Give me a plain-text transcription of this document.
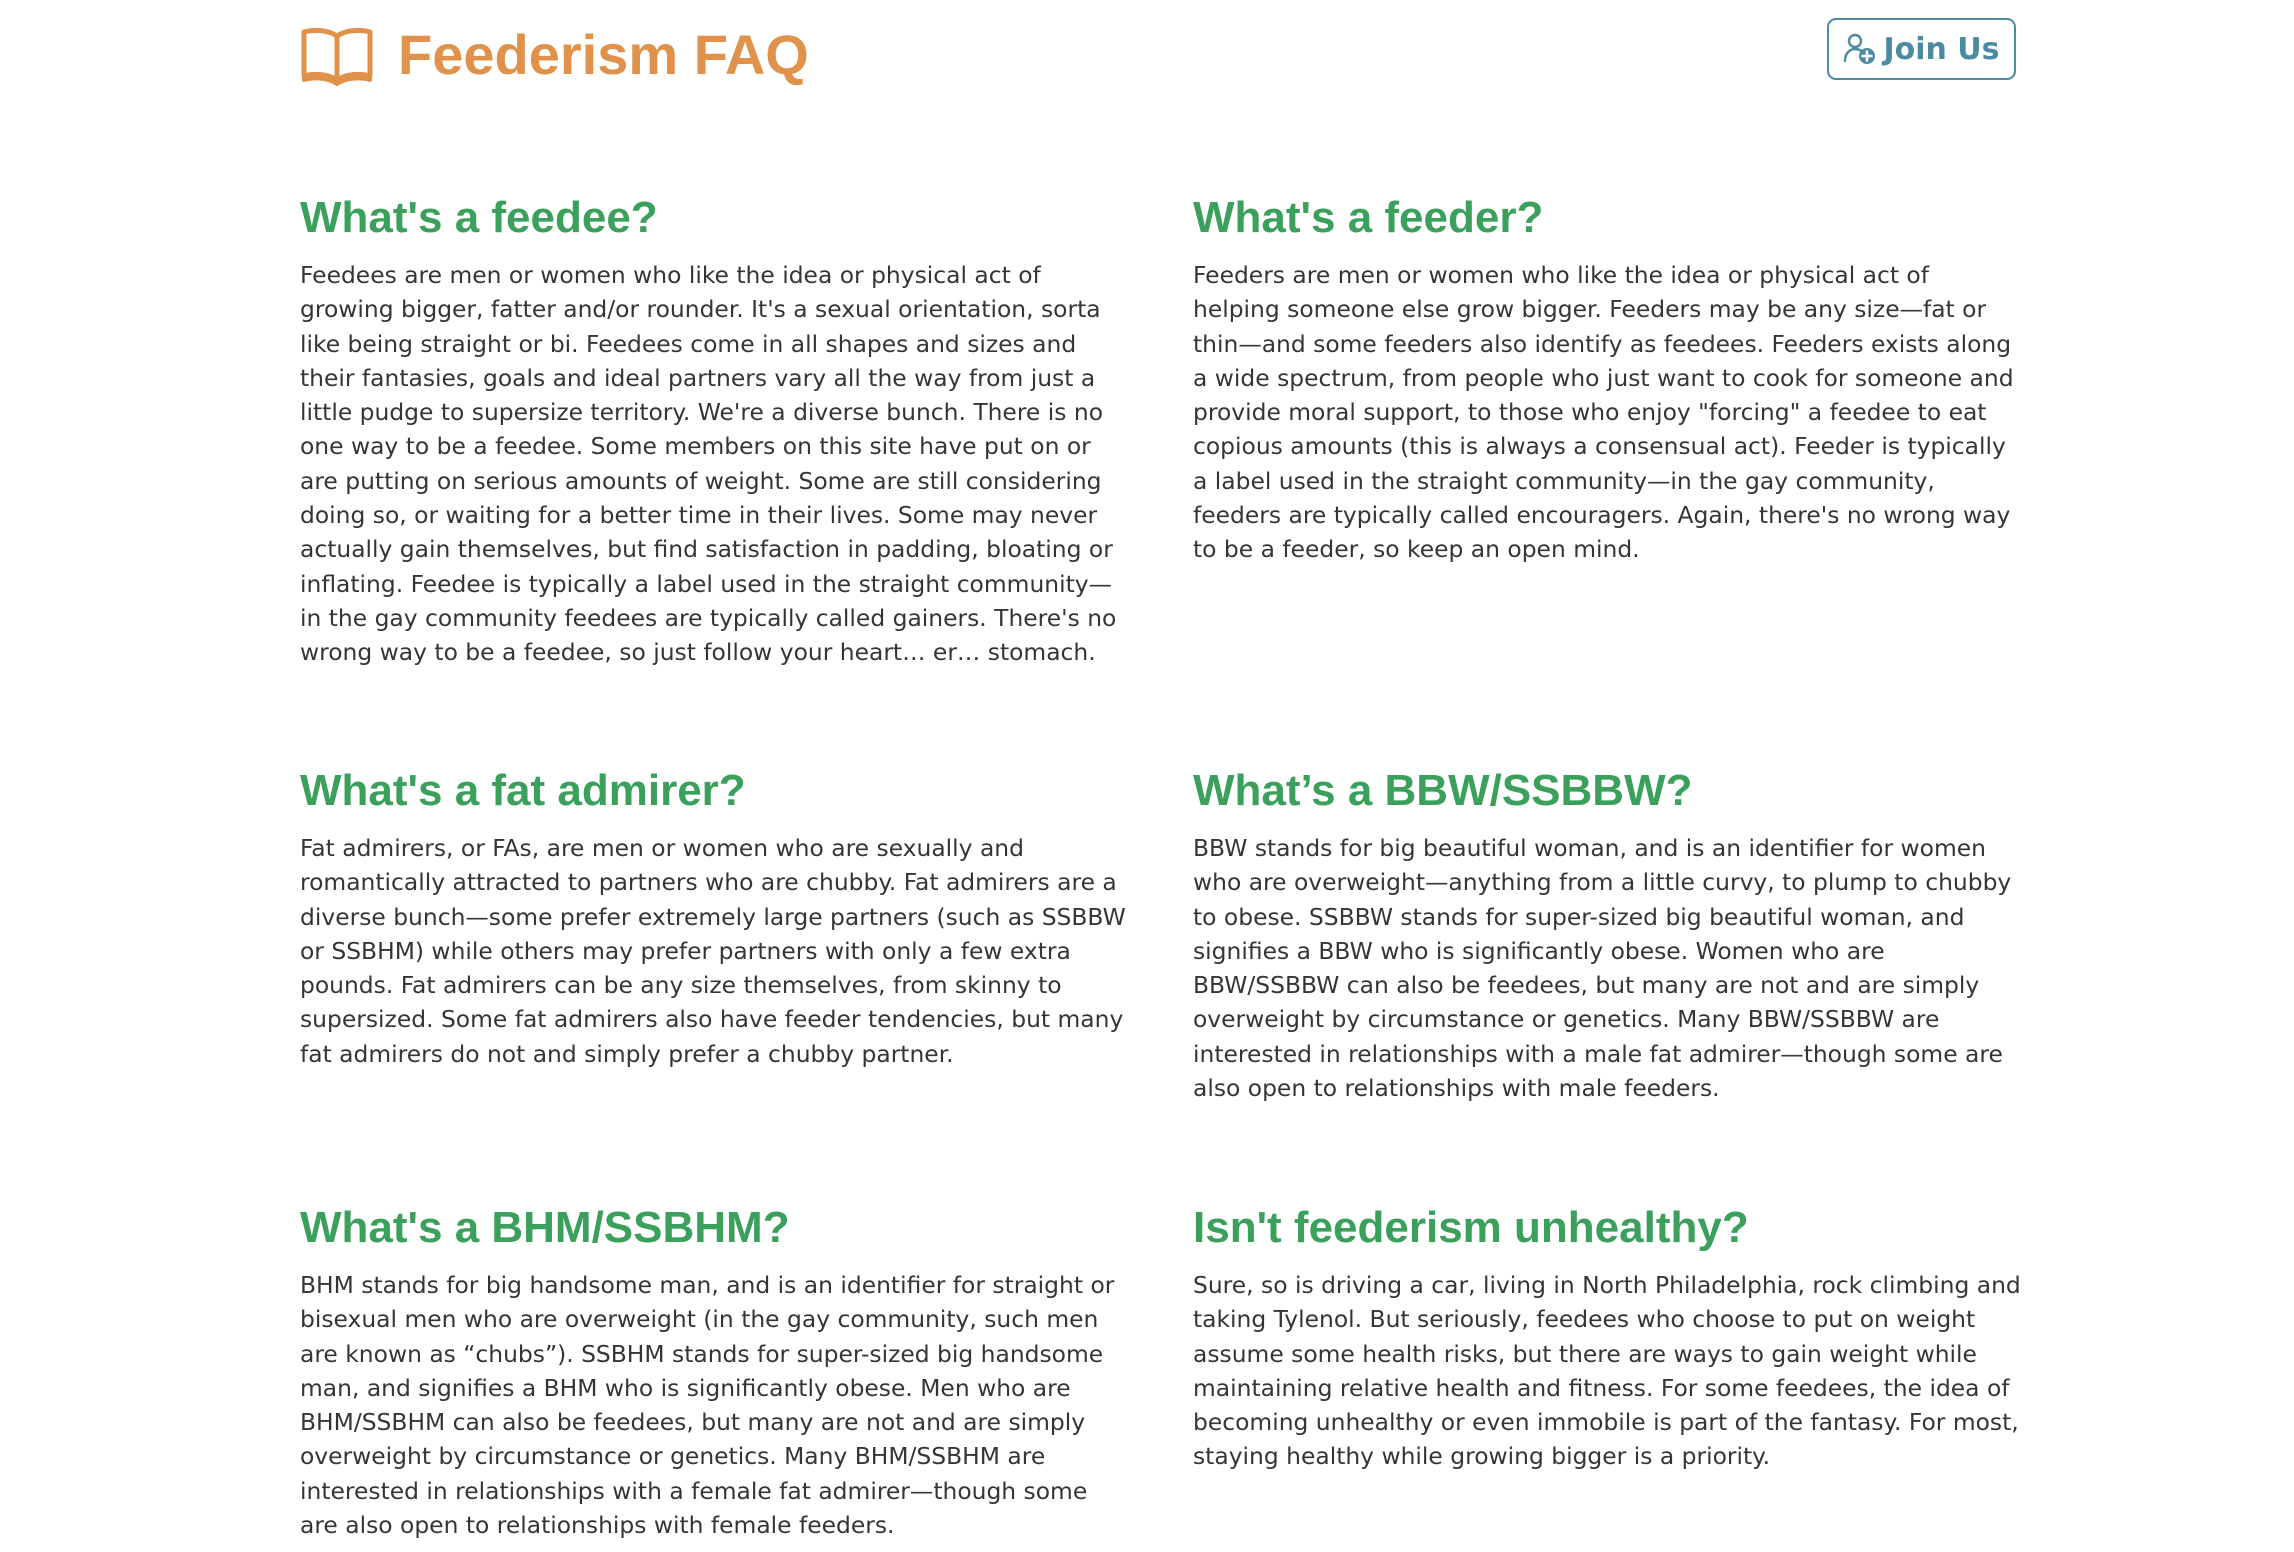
Feederism FAQ	Join Us
What's a feedee?

Feedees are men or women who like the idea or physical act of growing bigger, fatter and/or rounder. It's a sexual orientation, sorta like being straight or bi. Feedees come in all shapes and sizes and their fantasies, goals and ideal partners vary all the way from just a little pudge to supersize territory. We're a diverse bunch. There is no one way to be a feedee. Some members on this site have put on or are putting on serious amounts of weight. Some are still considering doing so, or waiting for a better time in their lives. Some may never actually gain themselves, but find satisfaction in padding, bloating or inflating. Feedee is typically a label used in the straight community—in the gay community feedees are typically called gainers. There's no wrong way to be a feedee, so just follow your heart… er… stomach.

What's a feeder?

Feeders are men or women who like the idea or physical act of helping someone else grow bigger. Feeders may be any size—fat or thin—and some feeders also identify as feedees. Feeders exists along a wide spectrum, from people who just want to cook for someone and provide moral support, to those who enjoy "forcing" a feedee to eat copious amounts (this is always a consensual act). Feeder is typically a label used in the straight community—in the gay community, feeders are typically called encouragers. Again, there's no wrong way to be a feeder, so keep an open mind.

What's a fat admirer?

Fat admirers, or FAs, are men or women who are sexually and romantically attracted to partners who are chubby. Fat admirers are a diverse bunch—some prefer extremely large partners (such as SSBBW or SSBHM) while others may prefer partners with only a few extra pounds. Fat admirers can be any size themselves, from skinny to supersized. Some fat admirers also have feeder tendencies, but many fat admirers do not and simply prefer a chubby partner.

What’s a BBW/SSBBW?

BBW stands for big beautiful woman, and is an identifier for women who are overweight—anything from a little curvy, to plump to chubby to obese. SSBBW stands for super-sized big beautiful woman, and signifies a BBW who is significantly obese. Women who are BBW/SSBBW can also be feedees, but many are not and are simply overweight by circumstance or genetics. Many BBW/SSBBW are interested in relationships with a male fat admirer—though some are also open to relationships with male feeders.

What's a BHM/SSBHM?

BHM stands for big handsome man, and is an identifier for straight or bisexual men who are overweight (in the gay community, such men are known as “chubs”). SSBHM stands for super-sized big handsome man, and signifies a BHM who is significantly obese. Men who are BHM/SSBHM can also be feedees, but many are not and are simply overweight by circumstance or genetics. Many BHM/SSBHM are interested in relationships with a female fat admirer—though some are also open to relationships with female feeders.

Isn't feederism unhealthy?

Sure, so is driving a car, living in North Philadelphia, rock climbing and taking Tylenol. But seriously, feedees who choose to put on weight assume some health risks, but there are ways to gain weight while maintaining relative health and fitness. For some feedees, the idea of becoming unhealthy or even immobile is part of the fantasy. For most, staying healthy while growing bigger is a priority.
